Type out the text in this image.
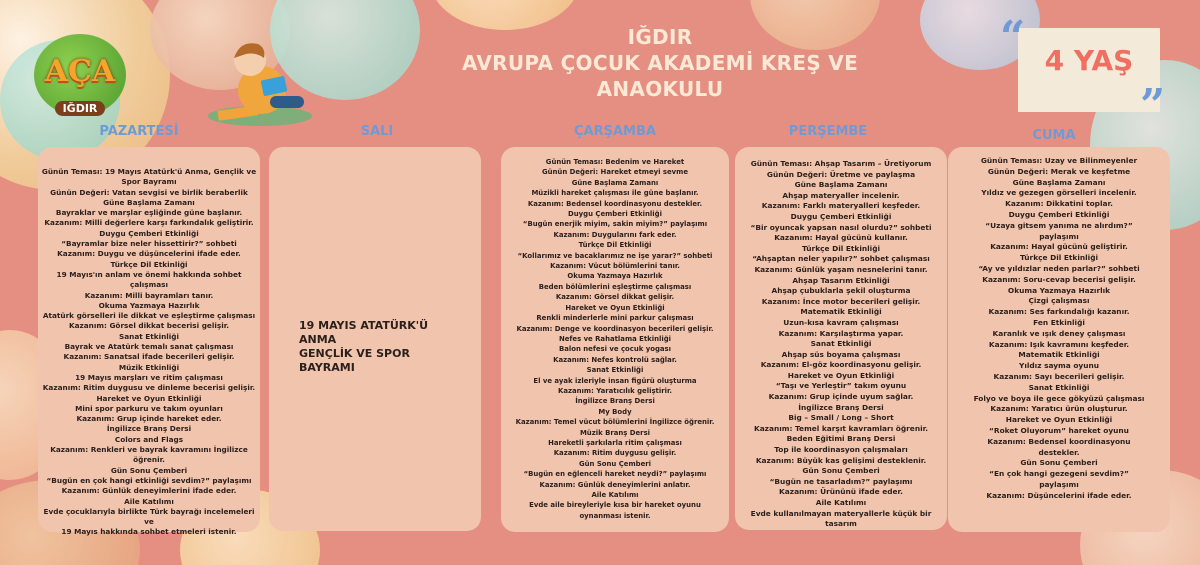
AÇA
IĞDIR
IĞDIR
AVRUPA ÇOCUK AKADEMİ KREŞ VE
ANAOKULU
4 YAŞ
“
”
PAZARTESİ	SALI	ÇARŞAMBA	PERŞEMBE	CUMA

Günün Teması: 19 Mayıs Atatürk'ü Anma, Gençlik ve

Spor Bayramı

Günün Değeri: Vatan sevgisi ve birlik beraberlik

Güne Başlama Zamanı

Bayraklar ve marşlar eşliğinde güne başlanır.

Kazanım: Milli değerlere karşı farkındalık geliştirir.

Duygu Çemberi Etkinliği

“Bayramlar bize neler hissettirir?” sohbeti

Kazanım: Duygu ve düşüncelerini ifade eder.

Türkçe Dil Etkinliği

19 Mayıs'ın anlam ve önemi hakkında sohbet

çalışması

Kazanım: Milli bayramları tanır.

Okuma Yazmaya Hazırlık

Atatürk görselleri ile dikkat ve eşleştirme çalışması

Kazanım: Görsel dikkat becerisi gelişir.

Sanat Etkinliği

Bayrak ve Atatürk temalı sanat çalışması

Kazanım: Sanatsal ifade becerileri gelişir.

Müzik Etkinliği

19 Mayıs marşları ve ritim çalışması

Kazanım: Ritim duygusu ve dinleme becerisi gelişir.

Hareket ve Oyun Etkinliği

Mini spor parkuru ve takım oyunları

Kazanım: Grup içinde hareket eder.

İngilizce Branş Dersi

Colors and Flags

Kazanım: Renkleri ve bayrak kavramını İngilizce

öğrenir.

Gün Sonu Çemberi

“Bugün en çok hangi etkinliği sevdim?” paylaşımı

Kazanım: Günlük deneyimlerini ifade eder.

Aile Katılımı

Evde çocuklarıyla birlikte Türk bayrağı incelemeleri ve

19 Mayıs hakkında sohbet etmeleri istenir.

19 MAYIS ATATÜRK'Ü

ANMA

GENÇLİK VE SPOR

BAYRAMI

Günün Teması: Bedenim ve Hareket

Günün Değeri: Hareket etmeyi sevme

Güne Başlama Zamanı

Müzikli hareket çalışması ile güne başlanır.

Kazanım: Bedensel koordinasyonu destekler.

Duygu Çemberi Etkinliği

“Bugün enerjik miyim, sakin miyim?” paylaşımı

Kazanım: Duygularını fark eder.

Türkçe Dil Etkinliği

“Kollarımız ve bacaklarımız ne işe yarar?” sohbeti

Kazanım: Vücut bölümlerini tanır.

Okuma Yazmaya Hazırlık

Beden bölümlerini eşleştirme çalışması

Kazanım: Görsel dikkat gelişir.

Hareket ve Oyun Etkinliği

Renkli minderlerle mini parkur çalışması

Kazanım: Denge ve koordinasyon becerileri gelişir.

Nefes ve Rahatlama Etkinliği

Balon nefesi ve çocuk yogası

Kazanım: Nefes kontrolü sağlar.

Sanat Etkinliği

El ve ayak izleriyle insan figürü oluşturma

Kazanım: Yaratıcılık geliştirir.

İngilizce Branş Dersi

My Body

Kazanım: Temel vücut bölümlerini İngilizce öğrenir.

Müzik Branş Dersi

Hareketli şarkılarla ritim çalışması

Kazanım: Ritim duygusu gelişir.

Gün Sonu Çemberi

“Bugün en eğlenceli hareket neydi?” paylaşımı

Kazanım: Günlük deneyimlerini anlatır.

Aile Katılımı

Evde aile bireyleriyle kısa bir hareket oyunu

oynanması istenir.

Günün Teması: Ahşap Tasarım – Üretiyorum

Günün Değeri: Üretme ve paylaşma

Güne Başlama Zamanı

Ahşap materyaller incelenir.

Kazanım: Farklı materyalleri keşfeder.

Duygu Çemberi Etkinliği

“Bir oyuncak yapsan nasıl olurdu?” sohbeti

Kazanım: Hayal gücünü kullanır.

Türkçe Dil Etkinliği

“Ahşaptan neler yapılır?” sohbet çalışması

Kazanım: Günlük yaşam nesnelerini tanır.

Ahşap Tasarım Etkinliği

Ahşap çubuklarla şekil oluşturma

Kazanım: İnce motor becerileri gelişir.

Matematik Etkinliği

Uzun-kısa kavram çalışması

Kazanım: Karşılaştırma yapar.

Sanat Etkinliği

Ahşap süs boyama çalışması

Kazanım: El-göz koordinasyonu gelişir.

Hareket ve Oyun Etkinliği

“Taşı ve Yerleştir” takım oyunu

Kazanım: Grup içinde uyum sağlar.

İngilizce Branş Dersi

Big – Small / Long – Short

Kazanım: Temel karşıt kavramları öğrenir.

Beden Eğitimi Branş Dersi

Top ile koordinasyon çalışmaları

Kazanım: Büyük kas gelişimi desteklenir.

Gün Sonu Çemberi

“Bugün ne tasarladım?” paylaşımı

Kazanım: Ürününü ifade eder.

Aile Katılımı

Evde kullanılmayan materyallerle küçük bir

tasarım

Günün Teması: Uzay ve Bilinmeyenler

Günün Değeri: Merak ve keşfetme

Güne Başlama Zamanı

Yıldız ve gezegen görselleri incelenir.

Kazanım: Dikkatini toplar.

Duygu Çemberi Etkinliği

“Uzaya gitsem yanıma ne alırdım?”

paylaşımı

Kazanım: Hayal gücünü geliştirir.

Türkçe Dil Etkinliği

“Ay ve yıldızlar neden parlar?” sohbeti

Kazanım: Soru-cevap becerisi gelişir.

Okuma Yazmaya Hazırlık

Çizgi çalışması

Kazanım: Ses farkındalığı kazanır.

Fen Etkinliği

Karanlık ve ışık deney çalışması

Kazanım: Işık kavramını keşfeder.

Matematik Etkinliği

Yıldız sayma oyunu

Kazanım: Sayı becerileri gelişir.

Sanat Etkinliği

Folyo ve boya ile gece gökyüzü çalışması

Kazanım: Yaratıcı ürün oluşturur.

Hareket ve Oyun Etkinliği

“Roket Oluyorum” hareket oyunu

Kazanım: Bedensel koordinasyonu

destekler.

Gün Sonu Çemberi

“En çok hangi gezegeni sevdim?”

paylaşımı

Kazanım: Düşüncelerini ifade eder.
